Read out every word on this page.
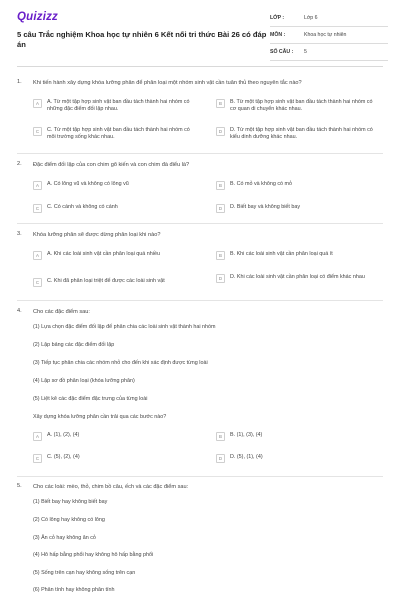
Quizizz
5 câu Trắc nghiệm Khoa học tự nhiên 6 Kết nối tri thức Bài 26 có đáp án
LỚP :	Lớp 6
MÔN :	Khoa học tự nhiên
SỐ CÂU :	5
1. Khi tiến hành xây dựng khóa lưỡng phân để phân loại một nhóm sinh vật cần tuân thủ theo nguyên tắc nào?
A	A. Từ một tập hợp sinh vật ban đầu tách thành hai nhóm có những đặc điểm đối lập nhau.
B	B. Từ một tập hợp sinh vật ban đầu tách thành hai nhóm có cơ quan di chuyển khác nhau.
C	C. Từ một tập hợp sinh vật ban đầu tách thành hai nhóm có môi trường sống khác nhau.
D	D. Từ một tập hợp sinh vật ban đầu tách thành hai nhóm có kiểu dinh dưỡng khác nhau.
2. Đặc điểm đối lập của con chim gõ kiến và con chim đà điểu là?
A	A. Có lông vũ và không có lông vũ	B	B. Có mỏ và không có mỏ
C	C. Có cánh và không có cánh	D	D. Biết bay và không biết bay
3. Khóa lưỡng phân sẽ được dừng phân loại khi nào?
A	A. Khi các loài sinh vật cần phân loại quá nhiều	B	B. Khi các loài sinh vật cần phân loại quá ít
C	C. Khi đã phân loại triệt để được các loài sinh vật	D	D. Khi các loài sinh vật cần phân loại có điểm khác nhau
4. Cho các đặc điểm sau:
(1) Lựa chọn đặc điểm đối lập để phân chia các loài sinh vật thành hai nhóm
(2) Lập bảng các đặc điểm đối lập
(3) Tiếp tục phân chia các nhóm nhỏ cho đến khi xác định được từng loài
(4) Lập sơ đồ phân loại (khóa lưỡng phân)
(5) Liệt kê các đặc điểm đặc trưng của từng loài
Xây dựng khóa lưỡng phân cần trải qua các bước nào?
A	A. (1), (2), (4)	B	B. (1), (3), (4)
C	C. (5), (2), (4)	D	D. (5), (1), (4)
5. Cho các loài: mèo, thỏ, chim bồ câu, ếch và các đặc điểm sau:
(1) Biết bay hay không biết bay
(2) Có lông hay không có lông
(3) Ăn cỏ hay không ăn cỏ
(4) Hô hấp bằng phổi hay không hô hấp bằng phổi
(5) Sống trên cạn hay không sống trên cạn
(6) Phân tính hay không phân tính
